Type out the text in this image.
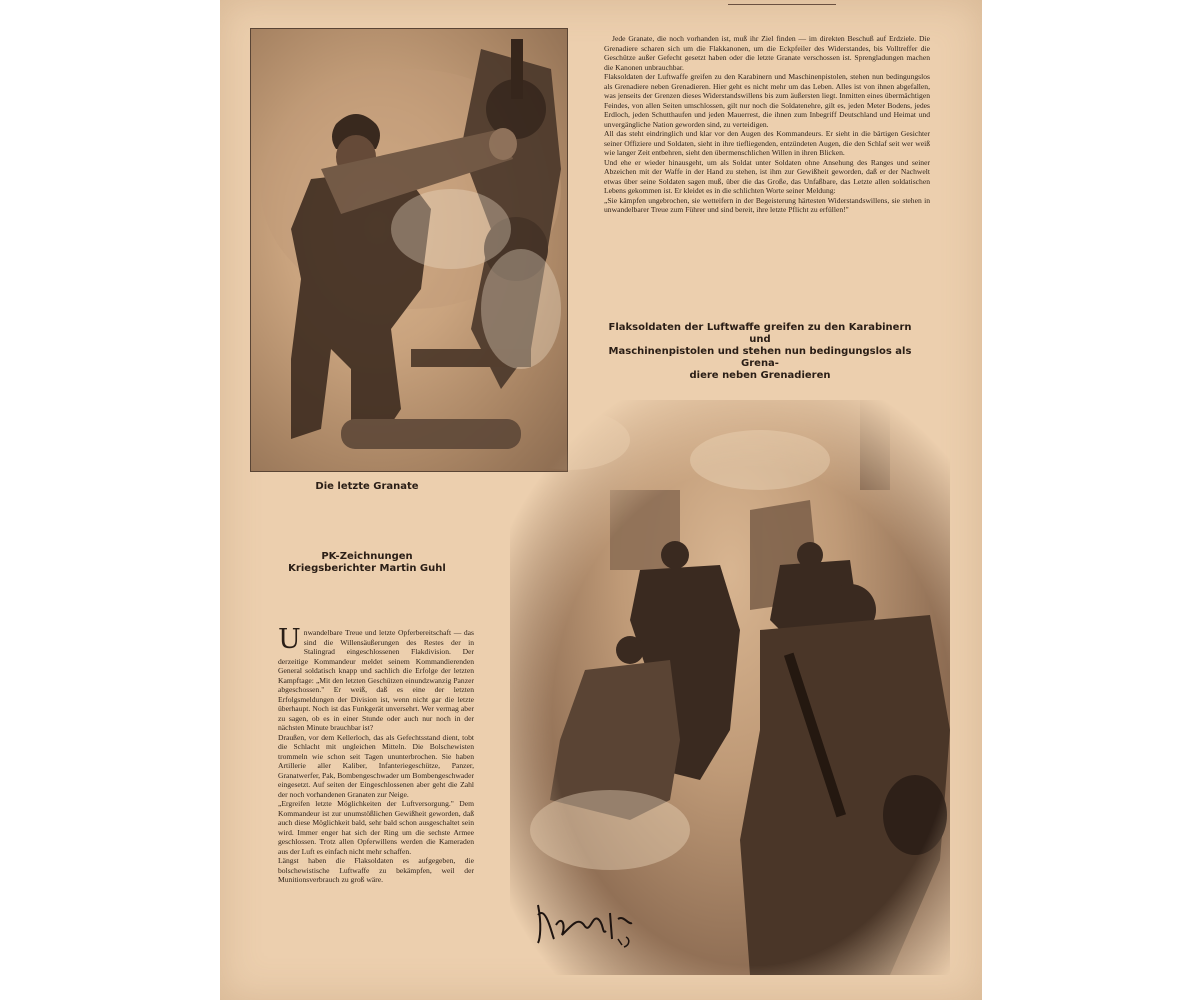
Die letzte Granate
PK-Zeichnungen
Kriegsberichter Martin Guhl

Jede Granate, die noch vorhanden ist, muß ihr Ziel finden — im direkten Beschuß auf Erdziele. Die Grenadiere scharen sich um die Flakkanonen, um die Eckpfeiler des Widerstandes, bis Volltreffer die Geschütze außer Gefecht gesetzt haben oder die letzte Granate verschossen ist. Sprengladungen machen die Kanonen unbrauchbar.

Flaksoldaten der Luftwaffe greifen zu den Karabinern und Maschinenpistolen, stehen nun bedingungslos als Grenadiere neben Grenadieren. Hier geht es nicht mehr um das Leben. Alles ist von ihnen abgefallen, was jenseits der Grenzen dieses Widerstandswillens bis zum äußersten liegt. Inmitten eines übermächtigen Feindes, von allen Seiten umschlossen, gilt nur noch die Soldatenehre, gilt es, jeden Meter Bodens, jedes Erdloch, jeden Schutthaufen und jeden Mauerrest, die ihnen zum Inbegriff Deutschland und Heimat und unvergängliche Nation geworden sind, zu verteidigen.

All das steht eindringlich und klar vor den Augen des Kommandeurs. Er sieht in die bärtigen Gesichter seiner Offiziere und Soldaten, sieht in ihre tiefliegenden, entzündeten Augen, die den Schlaf seit wer weiß wie langer Zeit entbehren, sieht den übermenschlichen Willen in ihren Blicken.

Und ehe er wieder hinausgeht, um als Soldat unter Soldaten ohne Ansehung des Ranges und seiner Abzeichen mit der Waffe in der Hand zu stehen, ist ihm zur Gewißheit geworden, daß er der Nachwelt etwas über seine Soldaten sagen muß, über die das Große, das Unfaßbare, das Letzte allen soldatischen Lebens gekommen ist. Er kleidet es in die schlichten Worte seiner Meldung:

„Sie kämpfen ungebrochen, sie wetteifern in der Begeisterung härtesten Widerstandswillens, sie stehen in unwandelbarer Treue zum Führer und sind bereit, ihre letzte Pflicht zu erfüllen!"

Flaksoldaten der Luftwaffe greifen zu den Karabinern und
Maschinenpistolen und stehen nun bedingungslos als Grena-
diere neben Grenadieren

Unwandelbare Treue und letzte Opferbereitschaft — das sind die Willensäußerungen des Restes der in Stalingrad eingeschlossenen Flakdivision. Der derzeitige Kommandeur meldet seinem Kommandierenden General soldatisch knapp und sachlich die Erfolge der letzten Kampftage: „Mit den letzten Geschützen einundzwanzig Panzer abgeschossen." Er weiß, daß es eine der letzten Erfolgsmeldungen der Division ist, wenn nicht gar die letzte überhaupt. Noch ist das Funkgerät unversehrt. Wer vermag aber zu sagen, ob es in einer Stunde oder auch nur noch in der nächsten Minute brauchbar ist?

Draußen, vor dem Kellerloch, das als Gefechtsstand dient, tobt die Schlacht mit ungleichen Mitteln. Die Bolschewisten trommeln wie schon seit Tagen ununterbrochen. Sie haben Artillerie aller Kaliber, Infanteriegeschütze, Panzer, Granatwerfer, Pak, Bombengeschwader um Bombengeschwader eingesetzt. Auf seiten der Eingeschlossenen aber geht die Zahl der noch vorhandenen Granaten zur Neige.

„Ergreifen letzte Möglichkeiten der Luftversorgung." Dem Kommandeur ist zur unumstößlichen Gewißheit geworden, daß auch diese Möglichkeit bald, sehr bald schon ausgeschaltet sein wird. Immer enger hat sich der Ring um die sechste Armee geschlossen. Trotz allen Opferwillens werden die Kameraden aus der Luft es einfach nicht mehr schaffen.

Längst haben die Flaksoldaten es aufgegeben, die bolschewistische Luftwaffe zu bekämpfen, weil der Munitionsverbrauch zu groß wäre.
